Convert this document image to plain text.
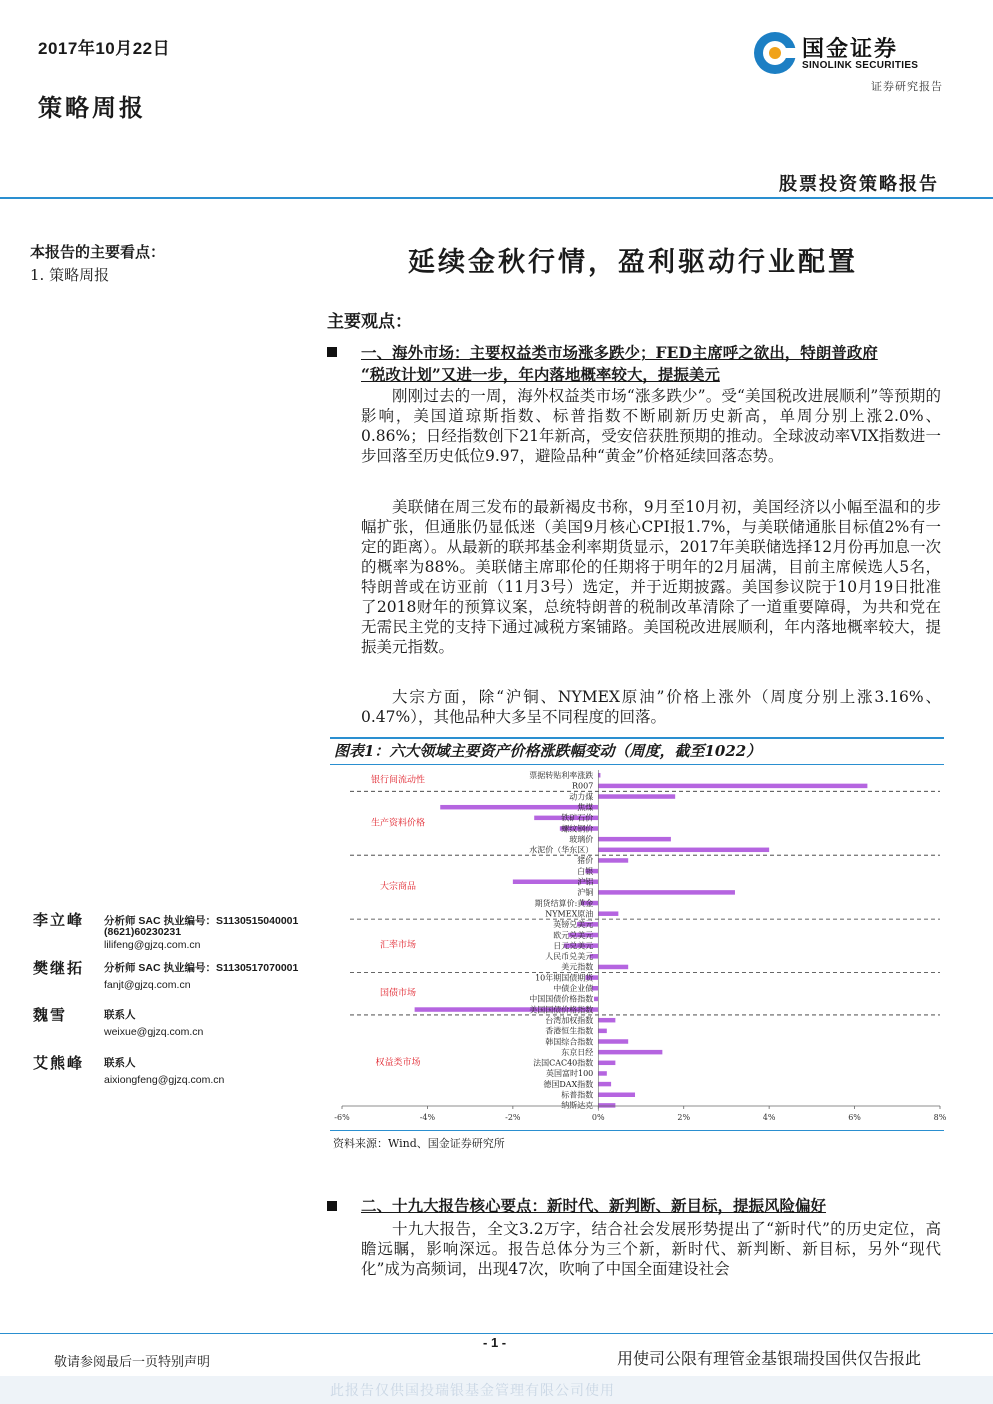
2017年10月22日
策略周报
国金证券
SINOLINK SECURITIES
证券研究报告
股票投资策略报告
本报告的主要看点：
1. 策略周报	延续金秋行情，盈利驱动行业配置
主要观点：
一、海外市场：主要权益类市场涨多跌少；FED主席呼之欲出，特朗普政府
“税改计划”又进一步，年内落地概率较大，提振美元
刚刚过去的一周，海外权益类市场“涨多跌少”。受“美国税改进展顺利”等预期的影响，美国道琼斯指数、标普指数不断刷新历史新高，单周分别上涨2.0%、0.86%；日经指数创下21年新高，受安倍获胜预期的推动。全球波动率VIX指数进一步回落至历史低位9.97，避险品种“黄金”价格延续回落态势。
美联储在周三发布的最新褐皮书称，9月至10月初，美国经济以小幅至温和的步幅扩张，但通胀仍显低迷（美国9月核心CPI报1.7%，与美联储通胀目标值2%有一定的距离）。从最新的联邦基金利率期货显示，2017年美联储选择12月份再加息一次的概率为88%。美联储主席耶伦的任期将于明年的2月届满，目前主席候选人5名，特朗普或在访亚前（11月3号）选定，并于近期披露。美国参议院于10月19日批准了2018财年的预算议案，总统特朗普的税制改革清除了一道重要障碍，为共和党在无需民主党的支持下通过减税方案铺路。美国税改进展顺利，年内落地概率较大，提振美元指数。
大宗方面，除“沪铜、NYMEX原油”价格上涨外（周度分别上涨3.16%、0.47%），其他品种大多呈不同程度的回落。
图表1：六大领域主要资产价格涨跌幅变动（周度，截至1022）
票据转贴利率涨跌
R007
银行间流动性
动力煤
焦煤
铁矿石价
螺纹钢价
玻璃价
水泥价（华东区）
生产资料价格
猪价
白银
沪铝
沪铜
期货结算价:黄金
NYMEX原油
大宗商品
英镑兑美元
欧元兑美元
日元兑美元
人民币兑美元
美元指数
汇率市场
10年期国债期货
中债企业债
中国国债价格指数
美国国债价格指数
国债市场
台湾加权指数
香港恒生指数
韩国综合指数
东京日经
法国CAC40指数
英国富时100
德国DAX指数
标普指数
纳斯达克
权益类市场
-6%	-4%	-2%	0%	2%	4%	6%	8%
资料来源：Wind、国金证券研究所
李立峰 分析师 SAC 执业编号：S1130515040001
(8621)60230231
lilifeng@gjzq.com.cn
樊继拓 分析师 SAC 执业编号：S1130517070001
fanjt@gjzq.com.cn
魏雪	联系人
weixue@gjzq.com.cn
艾熊峰 联系人
aixiongfeng@gjzq.com.cn
二、十九大报告核心要点：新时代、新判断、新目标，提振风险偏好
十九大报告，全文3.2万字，结合社会发展形势提出了“新时代”的历史定位，高瞻远瞩，影响深远。报告总体分为三个新，新时代、新判断、新目标，另外“现代化”成为高频词，出现47次，吹响了中国全面建设社会
- 1 -
敬请参阅最后一页特别声明	用使司公限有理管金基银瑞投国供仅告报此
此报告仅供国投瑞银基金管理有限公司使用
